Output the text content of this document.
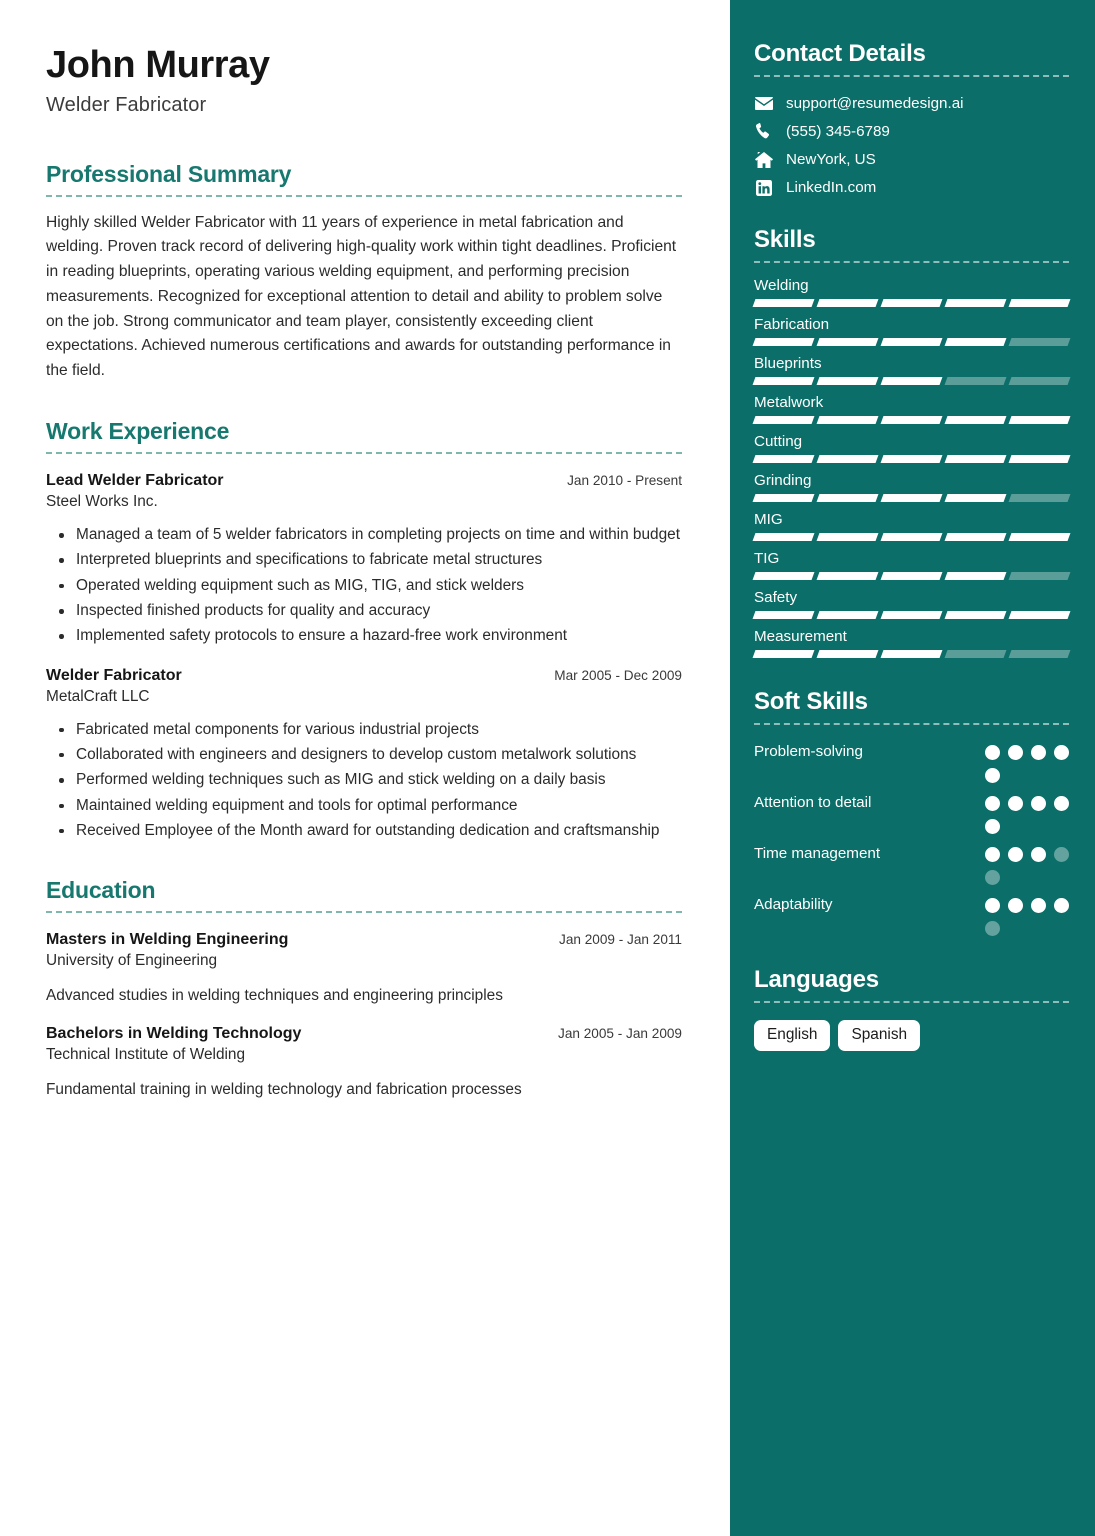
John Murray
Welder Fabricator
Professional Summary

Highly skilled Welder Fabricator with 11 years of experience in metal fabrication and welding. Proven track record of delivering high-quality work within tight deadlines. Proficient in reading blueprints, operating various welding equipment, and performing precision measurements. Recognized for exceptional attention to detail and ability to problem solve on the job. Strong communicator and team player, consistently exceeding client expectations. Achieved numerous certifications and awards for outstanding performance in the field.

Work Experience
Lead Welder Fabricator	Jan 2010 - Present
Steel Works Inc.
Managed a team of 5 welder fabricators in completing projects on time and within budget
Interpreted blueprints and specifications to fabricate metal structures
Operated welding equipment such as MIG, TIG, and stick welders
Inspected finished products for quality and accuracy
Implemented safety protocols to ensure a hazard-free work environment
Welder Fabricator	Mar 2005 - Dec 2009
MetalCraft LLC
Fabricated metal components for various industrial projects
Collaborated with engineers and designers to develop custom metalwork solutions
Performed welding techniques such as MIG and stick welding on a daily basis
Maintained welding equipment and tools for optimal performance
Received Employee of the Month award for outstanding dedication and craftsmanship
Education
Masters in Welding Engineering	Jan 2009 - Jan 2011
University of Engineering
Advanced studies in welding techniques and engineering principles
Bachelors in Welding Technology	Jan 2005 - Jan 2009
Technical Institute of Welding
Fundamental training in welding technology and fabrication processes
Contact Details
support@resumedesign.ai
(555) 345-6789
NewYork, US
LinkedIn.com
Skills
Welding
Fabrication
Blueprints
Metalwork
Cutting
Grinding
MIG
TIG
Safety
Measurement
Soft Skills
Problem-solving
Attention to detail
Time management
Adaptability
Languages
English	Spanish
